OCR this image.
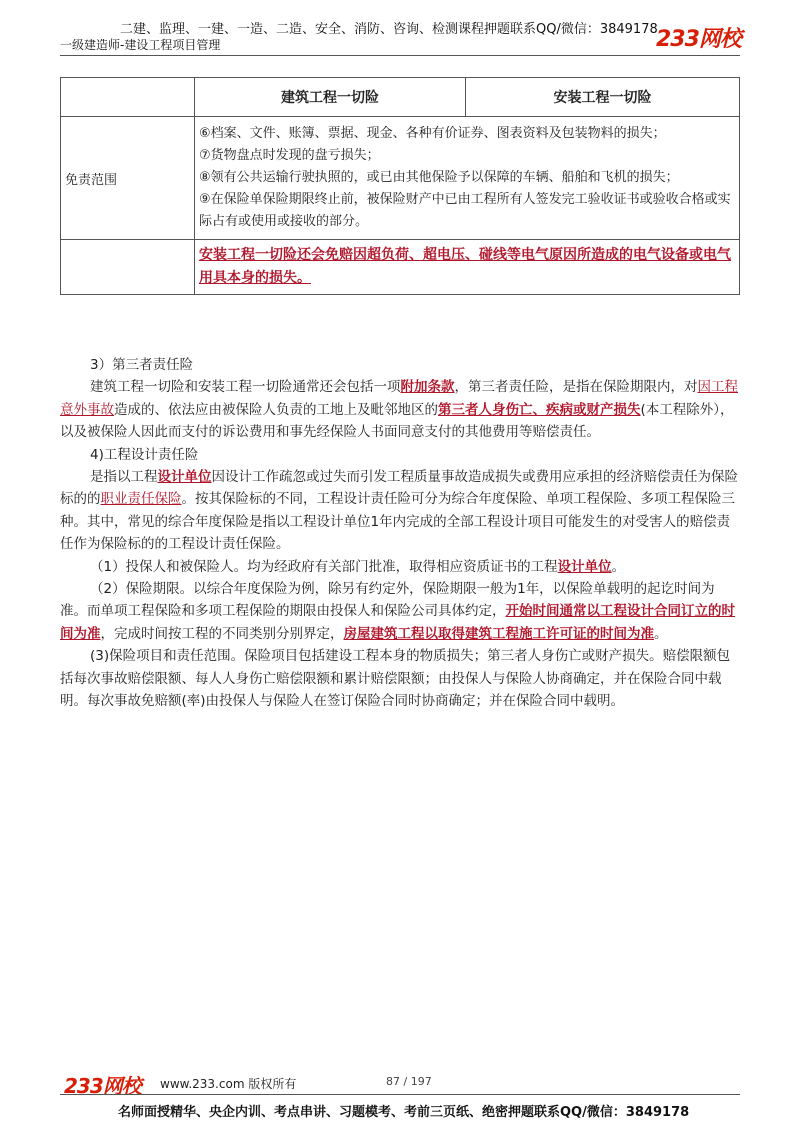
二建、监理、一建、一造、二造、安全、消防、咨询、检测课程押题联系QQ/微信：3849178
一级建造师-建设工程项目管理	233网校
	建筑工程一切险	安装工程一切险
免责范围	⑥档案、文件、账簿、票据、现金、各种有价证券、图表资料及包装物料的损失；
⑦货物盘点时发现的盘亏损失；
⑧领有公共运输行驶执照的，或已由其他保险予以保障的车辆、船舶和飞机的损失；
⑨在保险单保险期限终止前，被保险财产中已由工程所有人签发完工验收证书或验收合格或实际占有或使用或接收的部分。	

	安装工程一切险还会免赔因超负荷、超电压、碰线等电气原因所造成的电气设备或电气用具本身的损失。	

3）第三者责任险

建筑工程一切险和安装工程一切险通常还会包括一项附加条款，第三者责任险，是指在保险期限内，对因工程意外事故造成的、依法应由被保险人负责的工地上及毗邻地区的第三者人身伤亡、疾病或财产损失(本工程除外），以及被保险人因此而支付的诉讼费用和事先经保险人书面同意支付的其他费用等赔偿责任。

4)工程设计责任险

是指以工程设计单位因设计工作疏忽或过失而引发工程质量事故造成损失或费用应承担的经济赔偿责任为保险标的的职业责任保险。按其保险标的不同，工程设计责任险可分为综合年度保险、单项工程保险、多项工程保险三种。其中，常见的综合年度保险是指以工程设计单位1年内完成的全部工程设计项目可能发生的对受害人的赔偿责任作为保险标的的工程设计责任保险。

（1）投保人和被保险人。均为经政府有关部门批准，取得相应资质证书的工程设计单位。

（2）保险期限。以综合年度保险为例，除另有约定外，保险期限一般为1年，以保险单载明的起讫时间为准。而单项工程保险和多项工程保险的期限由投保人和保险公司具体约定，开始时间通常以工程设计合同订立的时间为准，完成时间按工程的不同类别分别界定，房屋建筑工程以取得建筑工程施工许可证的时间为准。

(3)保险项目和责任范围。保险项目包括建设工程本身的物质损失；第三者人身伤亡或财产损失。赔偿限额包括每次事故赔偿限额、每人人身伤亡赔偿限额和累计赔偿限额；由投保人与保险人协商确定，并在保险合同中载明。每次事故免赔额(率)由投保人与保险人在签订保险合同时协商确定；并在保险合同中载明。

233网校 www.233.com 版权所有	87 / 197
名师面授精华、央企内训、考点串讲、习题模考、考前三页纸、绝密押题联系QQ/微信：3849178
